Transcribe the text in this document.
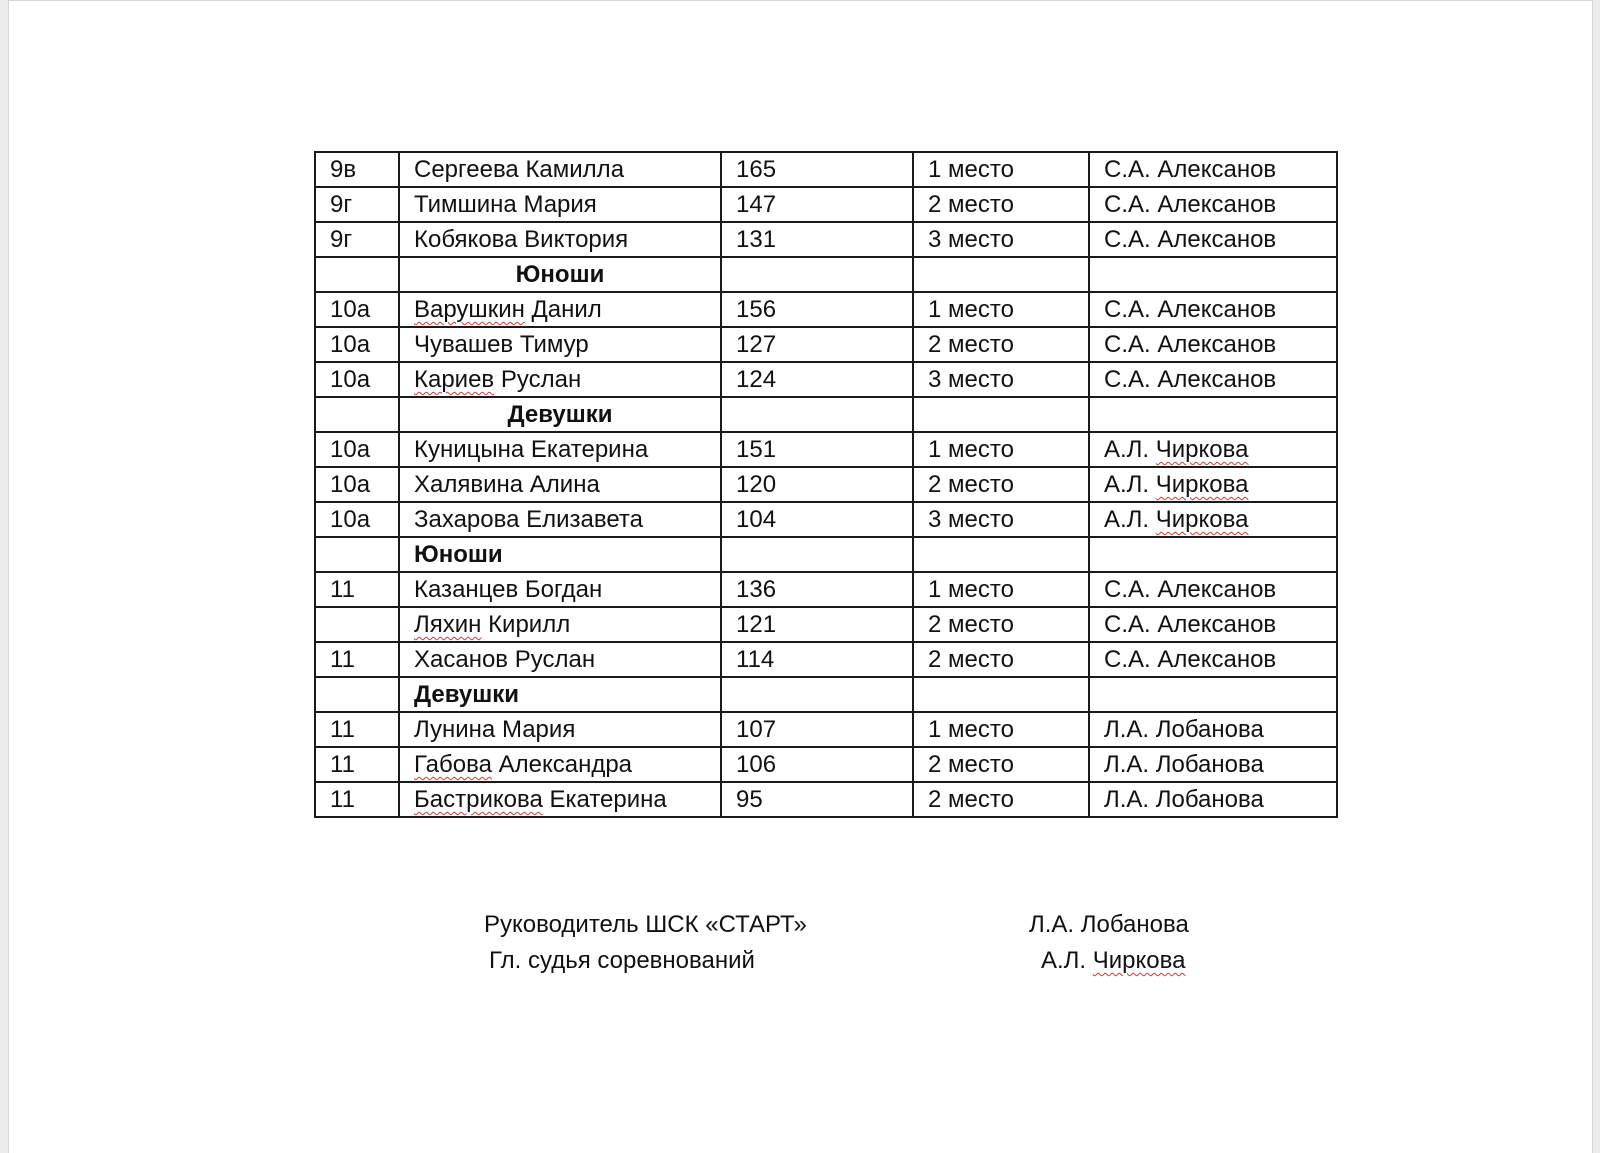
9в	Сергеева Камилла	165	1 место	С.А. Алексанов
9г	Тимшина Мария	147	2 место	С.А. Алексанов
9г	Кобякова Виктория	131	3 место	С.А. Алексанов
	Юноши			
10а	Варушкин Данил	156	1 место	С.А. Алексанов
10а	Чувашев Тимур	127	2 место	С.А. Алексанов
10а	Кариев Руслан	124	3 место	С.А. Алексанов
	Девушки			
10а	Куницына Екатерина	151	1 место	А.Л. Чиркова
10а	Халявина Алина	120	2 место	А.Л. Чиркова
10а	Захарова Елизавета	104	3 место	А.Л. Чиркова
	Юноши			
11	Казанцев Богдан	136	1 место	С.А. Алексанов
	Ляхин Кирилл	121	2 место	С.А. Алексанов
11	Хасанов Руслан	114	2 место	С.А. Алексанов
	Девушки			
11	Лунина Мария	107	1 место	Л.А. Лобанова
11	Габова Александра	106	2 место	Л.А. Лобанова
11	Бастрикова Екатерина	95	2 место	Л.А. Лобанова
Руководитель ШСК «СТАРТ»	Л.А. Лобанова
Гл. судья соревнований	А.Л. Чиркова
